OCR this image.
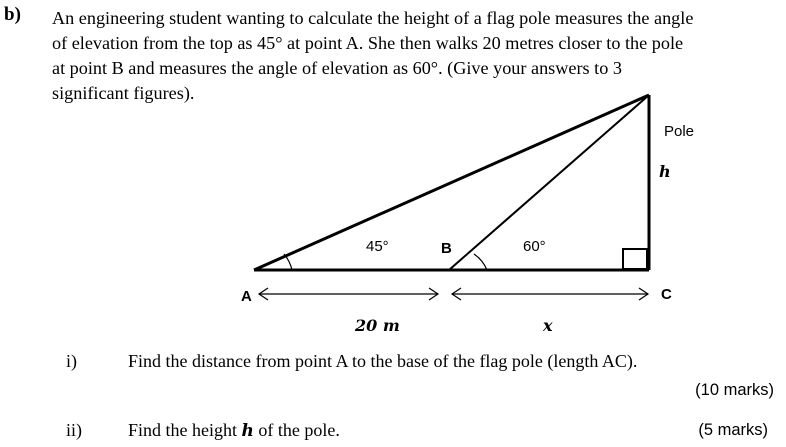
b) An engineering student wanting to calculate the height of a flag pole measures the angle
of elevation from the top as 45° at point A. She then walks 20 metres closer to the pole
at point B and measures the angle of elevation as 60°. (Give your answers to 3
significant figures).

Pole
h
45°	B	60°
A	C
20 m	x
i)	Find the distance from point A to the base of the flag pole (length AC).
(10 marks)
ii)	Find the height h of the pole.	(5 marks)
